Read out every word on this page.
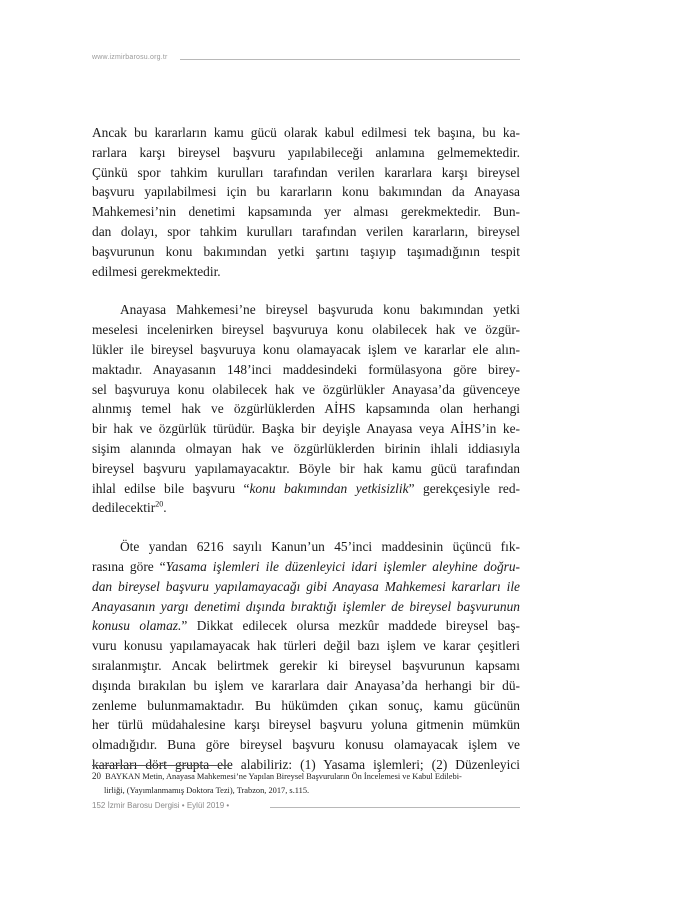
www.izmirbarosu.org.tr

Ancak bu kararların kamu gücü olarak kabul edilmesi tek başına, bu ka-
rarlara karşı bireysel başvuru yapılabileceği anlamına gelmemektedir.
Çünkü spor tahkim kurulları tarafından verilen kararlara karşı bireysel
başvuru yapılabilmesi için bu kararların konu bakımından da Anayasa
Mahkemesi’nin denetimi kapsamında yer alması gerekmektedir. Bun-
dan dolayı, spor tahkim kurulları tarafından verilen kararların, bireysel
başvurunun konu bakımından yetki şartını taşıyıp taşımadığının tespit
edilmesi gerekmektedir.

Anayasa Mahkemesi’ne bireysel başvuruda konu bakımından yetki
meselesi incelenirken bireysel başvuruya konu olabilecek hak ve özgür-
lükler ile bireysel başvuruya konu olamayacak işlem ve kararlar ele alın-
maktadır. Anayasanın 148’inci maddesindeki formülasyona göre birey-
sel başvuruya konu olabilecek hak ve özgürlükler Anayasa’da güvenceye
alınmış temel hak ve özgürlüklerden AİHS kapsamında olan herhangi
bir hak ve özgürlük türüdür. Başka bir deyişle Anayasa veya AİHS’in ke-
sişim alanında olmayan hak ve özgürlüklerden birinin ihlali iddiasıyla
bireysel başvuru yapılamayacaktır. Böyle bir hak kamu gücü tarafından
ihlal edilse bile başvuru “konu bakımından yetkisizlik” gerekçesiyle red-
dedilecektir$^{20}$.

Öte yandan 6216 sayılı Kanun’un 45’inci maddesinin üçüncü fık-
rasına göre “Yasama işlemleri ile düzenleyici idari işlemler aleyhine doğru-
dan bireysel başvuru yapılamayacağı gibi Anayasa Mahkemesi kararları ile
Anayasanın yargı denetimi dışında bıraktığı işlemler de bireysel başvurunun
konusu olamaz.” Dikkat edilecek olursa mezkûr maddede bireysel baş-
vuru konusu yapılamayacak hak türleri değil bazı işlem ve karar çeşitleri
sıralanmıştır. Ancak belirtmek gerekir ki bireysel başvurunun kapsamı
dışında bırakılan bu işlem ve kararlara dair Anayasa’da herhangi bir dü-
zenleme bulunmamaktadır. Bu hükümden çıkan sonuç, kamu gücünün
her türlü müdahalesine karşı bireysel başvuru yoluna gitmenin mümkün
olmadığıdır. Buna göre bireysel başvuru konusu olamayacak işlem ve
kararları dört grupta ele alabiliriz: (1) Yasama işlemleri; (2) Düzenleyici

20 BAYKAN Metin, Anayasa Mahkemesi’ne Yapılan Bireysel Başvuruların Ön İncelemesi ve Kabul Edilebi-
lirliği, (Yayımlanmamış Doktora Tezi), Trabzon, 2017, s.115.
152 İzmir Barosu Dergisi • Eylül 2019 •
